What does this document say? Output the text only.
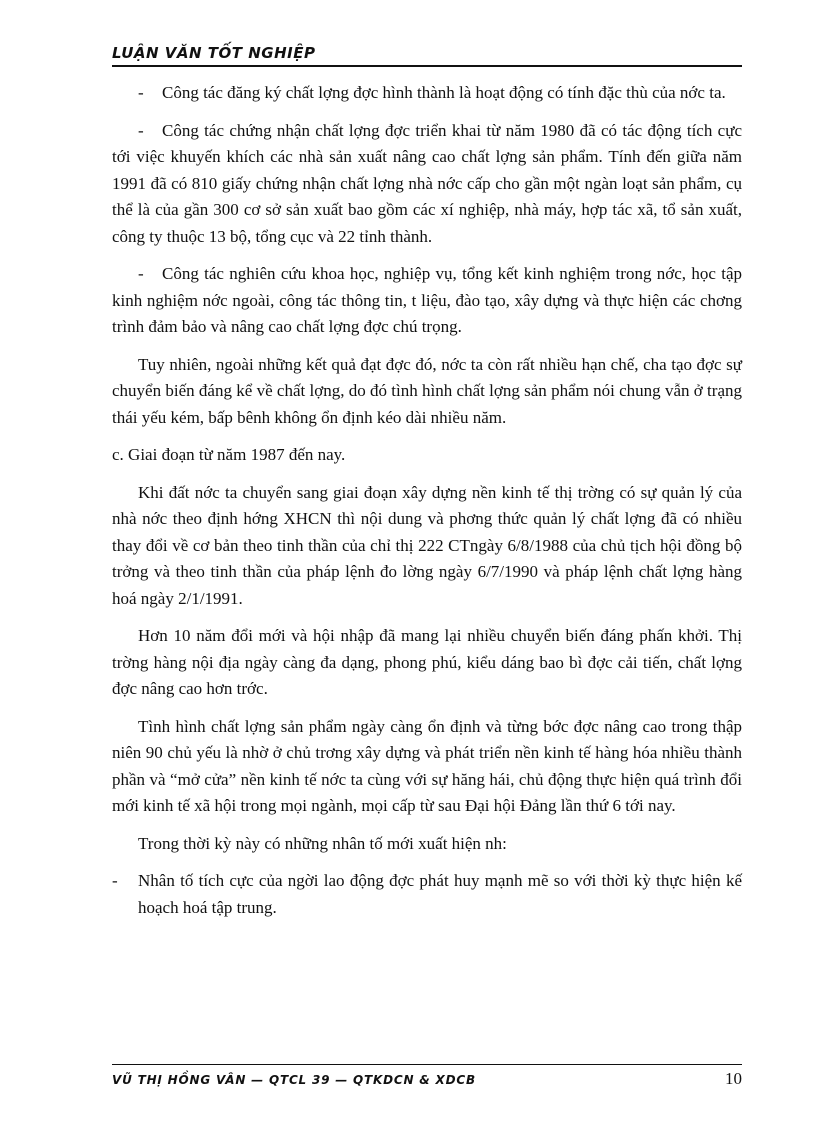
LUẬN VĂN TỐT NGHIỆP

- Công tác đăng ký chất lợng đợc hình thành là hoạt động có tính đặc thù của nớc ta.

- Công tác chứng nhận chất lợng đợc triển khai từ năm 1980 đã có tác động tích cực tới việc khuyến khích các nhà sản xuất nâng cao chất lợng sản phẩm. Tính đến giữa năm 1991 đã có 810 giấy chứng nhận chất lợng nhà nớc cấp cho gần một ngàn loạt sản phẩm, cụ thể là của gần 300 cơ sở sản xuất bao gồm các xí nghiệp, nhà máy, hợp tác xã, tổ sản xuất, công ty thuộc 13 bộ, tổng cục và 22 tỉnh thành.

- Công tác nghiên cứu khoa học, nghiệp vụ, tổng kết kinh nghiệm trong nớc, học tập kinh nghiệm nớc ngoài, công tác thông tin, t liệu, đào tạo, xây dựng và thực hiện các chơng trình đảm bảo và nâng cao chất lợng đợc chú trọng.

Tuy nhiên, ngoài những kết quả đạt đợc đó, nớc ta còn rất nhiều hạn chế, cha tạo đợc sự chuyển biến đáng kể về chất lợng, do đó tình hình chất lợng sản phẩm nói chung vẫn ở trạng thái yếu kém, bấp bênh không ổn định kéo dài nhiều năm.

c. Giai đoạn từ năm 1987 đến nay.

Khi đất nớc ta chuyển sang giai đoạn xây dựng nền kinh tế thị trờng có sự quản lý của nhà nớc theo định hớng XHCN thì nội dung và phơng thức quản lý chất lợng đã có nhiều thay đổi về cơ bản theo tinh thần của chỉ thị 222 CTngày 6/8/1988 của chủ tịch hội đồng bộ trởng và theo tinh thần của pháp lệnh đo lờng ngày 6/7/1990 và pháp lệnh chất lợng hàng hoá ngày 2/1/1991.

Hơn 10 năm đổi mới và hội nhập đã mang lại nhiều chuyển biến đáng phấn khởi. Thị trờng hàng nội địa ngày càng đa dạng, phong phú, kiểu dáng bao bì đợc cải tiến, chất lợng đợc nâng cao hơn trớc.

Tình hình chất lợng sản phẩm ngày càng ổn định và từng bớc đợc nâng cao trong thập niên 90 chủ yếu là nhờ ở chủ trơng xây dựng và phát triển nền kinh tế hàng hóa nhiều thành phần và “mở cửa” nền kinh tế nớc ta cùng với sự hăng hái, chủ động thực hiện quá trình đổi mới kinh tế xã hội trong mọi ngành, mọi cấp từ sau Đại hội Đảng lần thứ 6 tới nay.

Trong thời kỳ này có những nhân tố mới xuất hiện nh:

- Nhân tố tích cực của ngời lao động đợc phát huy mạnh mẽ so với thời kỳ thực hiện kế hoạch hoá tập trung.

VŨ THỊ HỒNG VÂN — QTCL 39 — QTKDCN & XDCB	10
